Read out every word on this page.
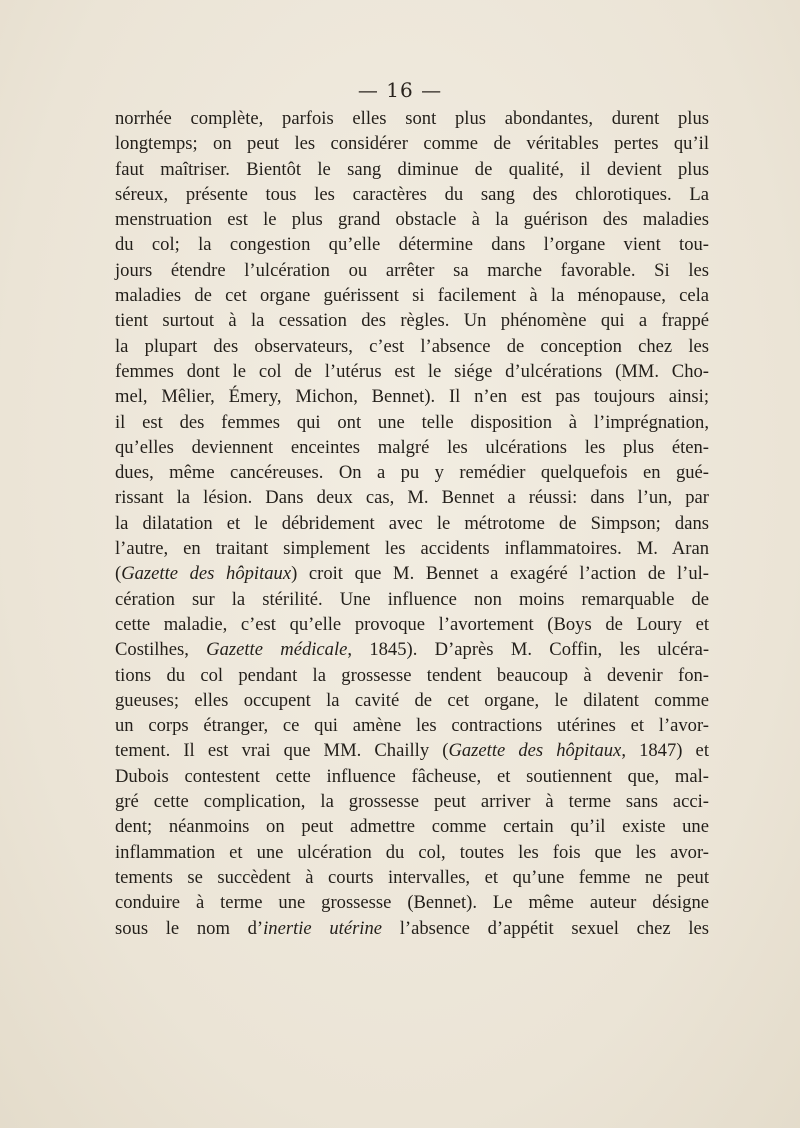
— 16 —
norrhée complète, parfois elles sont plus abondantes, durent plus
longtemps; on peut les considérer comme de véritables pertes qu’il
faut maîtriser. Bientôt le sang diminue de qualité, il devient plus
séreux, présente tous les caractères du sang des chlorotiques. La
menstruation est le plus grand obstacle à la guérison des maladies
du col; la congestion qu’elle détermine dans l’organe vient tou-
jours étendre l’ulcération ou arrêter sa marche favorable. Si les
maladies de cet organe guérissent si facilement à la ménopause, cela
tient surtout à la cessation des règles. Un phénomène qui a frappé
la plupart des observateurs, c’est l’absence de conception chez les
femmes dont le col de l’utérus est le siége d’ulcérations (MM. Cho-
mel, Mêlier, Émery, Michon, Bennet). Il n’en est pas toujours ainsi;
il est des femmes qui ont une telle disposition à l’imprégnation,
qu’elles deviennent enceintes malgré les ulcérations les plus éten-
dues, même cancéreuses. On a pu y remédier quelquefois en gué-
rissant la lésion. Dans deux cas, M. Bennet a réussi: dans l’un, par
la dilatation et le débridement avec le métrotome de Simpson; dans
l’autre, en traitant simplement les accidents inflammatoires. M. Aran
(Gazette des hôpitaux) croit que M. Bennet a exagéré l’action de l’ul-
cération sur la stérilité. Une influence non moins remarquable de
cette maladie, c’est qu’elle provoque l’avortement (Boys de Loury et
Costilhes, Gazette médicale, 1845). D’après M. Coffin, les ulcéra-
tions du col pendant la grossesse tendent beaucoup à devenir fon-
gueuses; elles occupent la cavité de cet organe, le dilatent comme
un corps étranger, ce qui amène les contractions utérines et l’avor-
tement. Il est vrai que MM. Chailly (Gazette des hôpitaux, 1847) et
Dubois contestent cette influence fâcheuse, et soutiennent que, mal-
gré cette complication, la grossesse peut arriver à terme sans acci-
dent; néanmoins on peut admettre comme certain qu’il existe une
inflammation et une ulcération du col, toutes les fois que les avor-
tements se succèdent à courts intervalles, et qu’une femme ne peut
conduire à terme une grossesse (Bennet). Le même auteur désigne
sous le nom d’inertie utérine l’absence d’appétit sexuel chez les
